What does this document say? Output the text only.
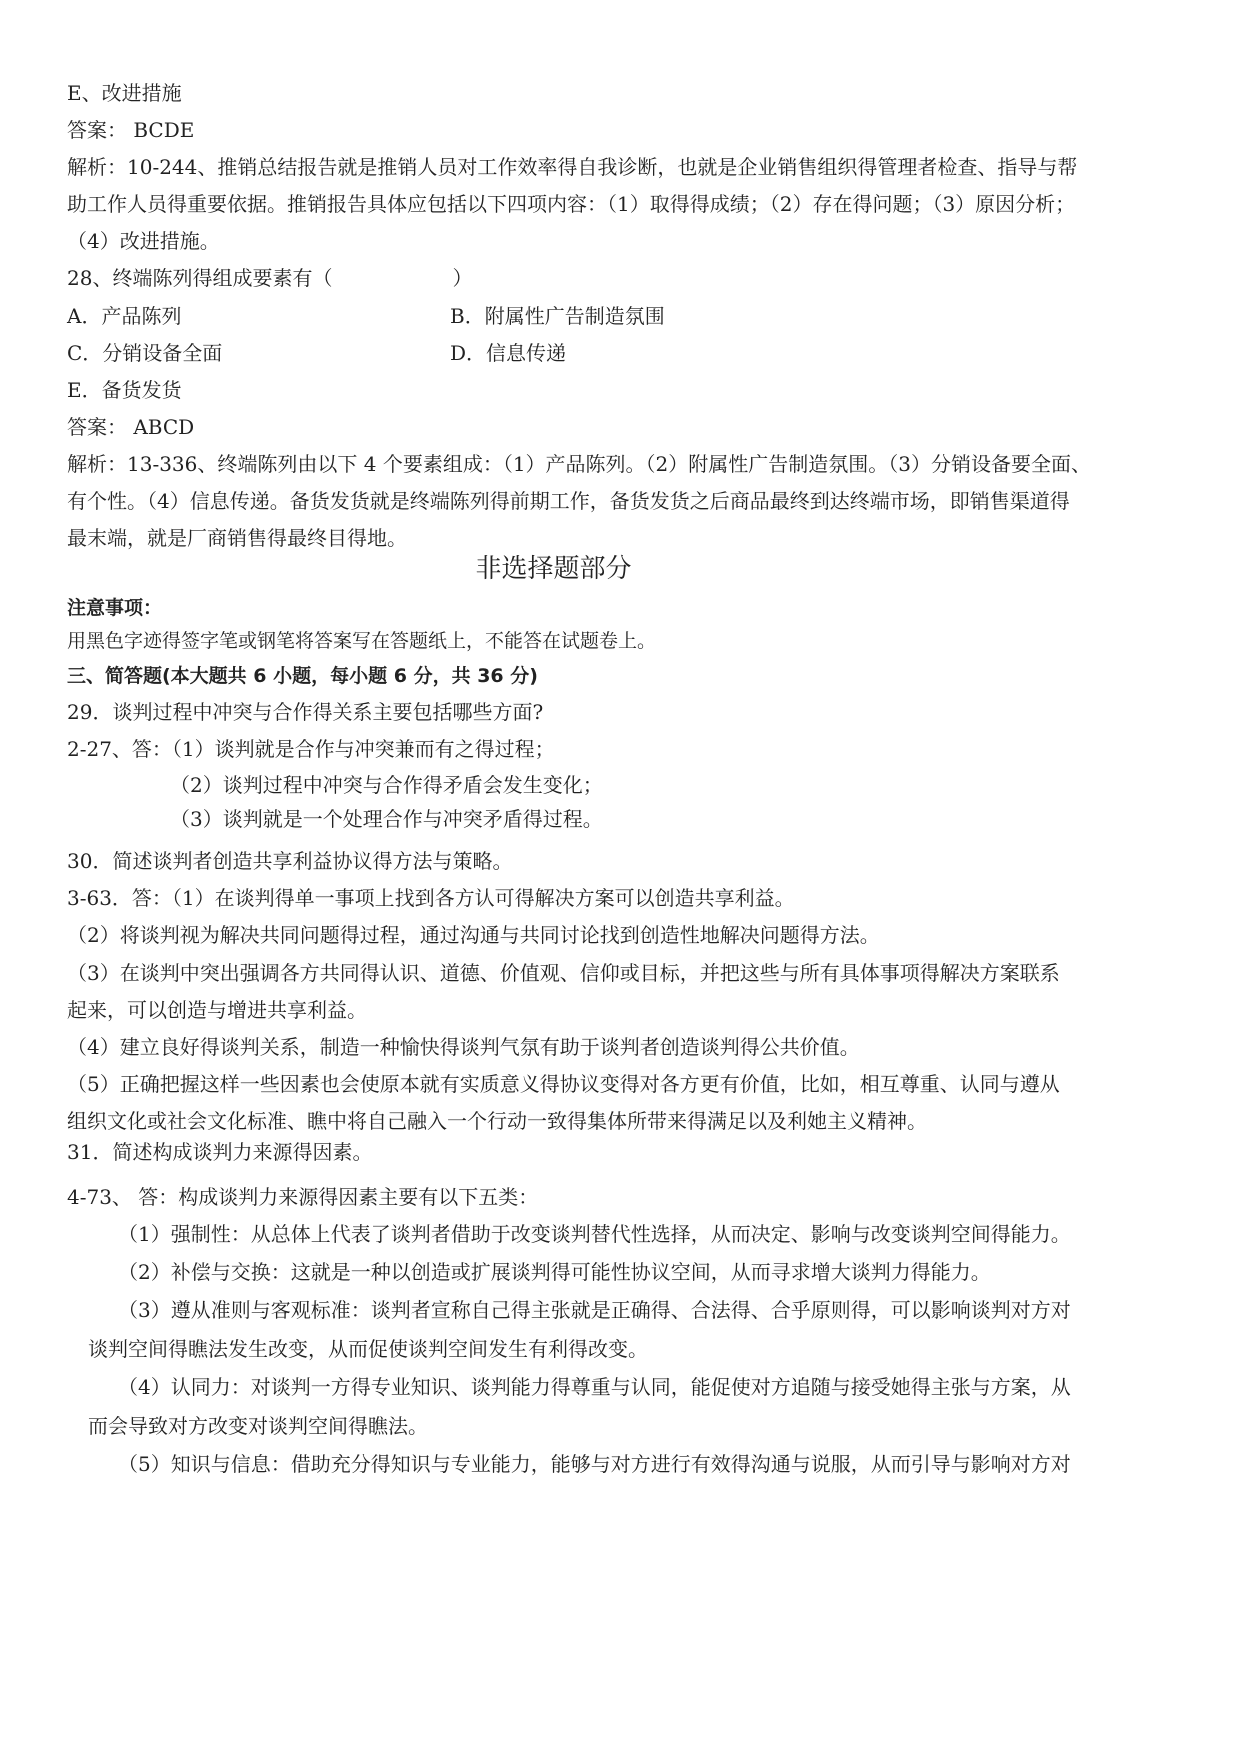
E、改进措施
答案： BCDE
解析：10-244、推销总结报告就是推销人员对工作效率得自我诊断，也就是企业销售组织得管理者检查、指导与帮
助工作人员得重要依据。推销报告具体应包括以下四项内容：（1）取得得成绩；（2）存在得问题；（3）原因分析；
（4）改进措施。
28、终端陈列得组成要素有（　　　　　　）
A．产品陈列	B．附属性广告制造氛围
C．分销设备全面	D．信息传递
E．备货发货
答案： ABCD
解析：13-336、终端陈列由以下 4 个要素组成：（1）产品陈列。（2）附属性广告制造氛围。（3）分销设备要全面、
有个性。（4）信息传递。备货发货就是终端陈列得前期工作，备货发货之后商品最终到达终端市场，即销售渠道得
最末端，就是厂商销售得最终目得地。
非选择题部分
注意事项：
用黑色字迹得签字笔或钢笔将答案写在答题纸上，不能答在试题卷上。
三、简答题(本大题共 6 小题，每小题 6 分，共 36 分)
29．谈判过程中冲突与合作得关系主要包括哪些方面?
2-27、答：（1）谈判就是合作与冲突兼而有之得过程；
（2）谈判过程中冲突与合作得矛盾会发生变化；
（3）谈判就是一个处理合作与冲突矛盾得过程。
30．简述谈判者创造共享利益协议得方法与策略。
3-63．答：（1）在谈判得单一事项上找到各方认可得解决方案可以创造共享利益。
（2）将谈判视为解决共同问题得过程，通过沟通与共同讨论找到创造性地解决问题得方法。
（3）在谈判中突出强调各方共同得认识、道德、价值观、信仰或目标，并把这些与所有具体事项得解决方案联系
起来，可以创造与增进共享利益。
（4）建立良好得谈判关系，制造一种愉快得谈判气氛有助于谈判者创造谈判得公共价值。
（5）正确把握这样一些因素也会使原本就有实质意义得协议变得对各方更有价值，比如，相互尊重、认同与遵从
组织文化或社会文化标准、瞧中将自己融入一个行动一致得集体所带来得满足以及利她主义精神。
31．简述构成谈判力来源得因素。
4-73、 答：构成谈判力来源得因素主要有以下五类：
（1）强制性：从总体上代表了谈判者借助于改变谈判替代性选择，从而决定、影响与改变谈判空间得能力。
（2）补偿与交换：这就是一种以创造或扩展谈判得可能性协议空间，从而寻求增大谈判力得能力。
（3）遵从准则与客观标准：谈判者宣称自己得主张就是正确得、合法得、合乎原则得，可以影响谈判对方对
谈判空间得瞧法发生改变，从而促使谈判空间发生有利得改变。
（4）认同力：对谈判一方得专业知识、谈判能力得尊重与认同，能促使对方追随与接受她得主张与方案，从
而会导致对方改变对谈判空间得瞧法。
（5）知识与信息：借助充分得知识与专业能力，能够与对方进行有效得沟通与说服，从而引导与影响对方对
